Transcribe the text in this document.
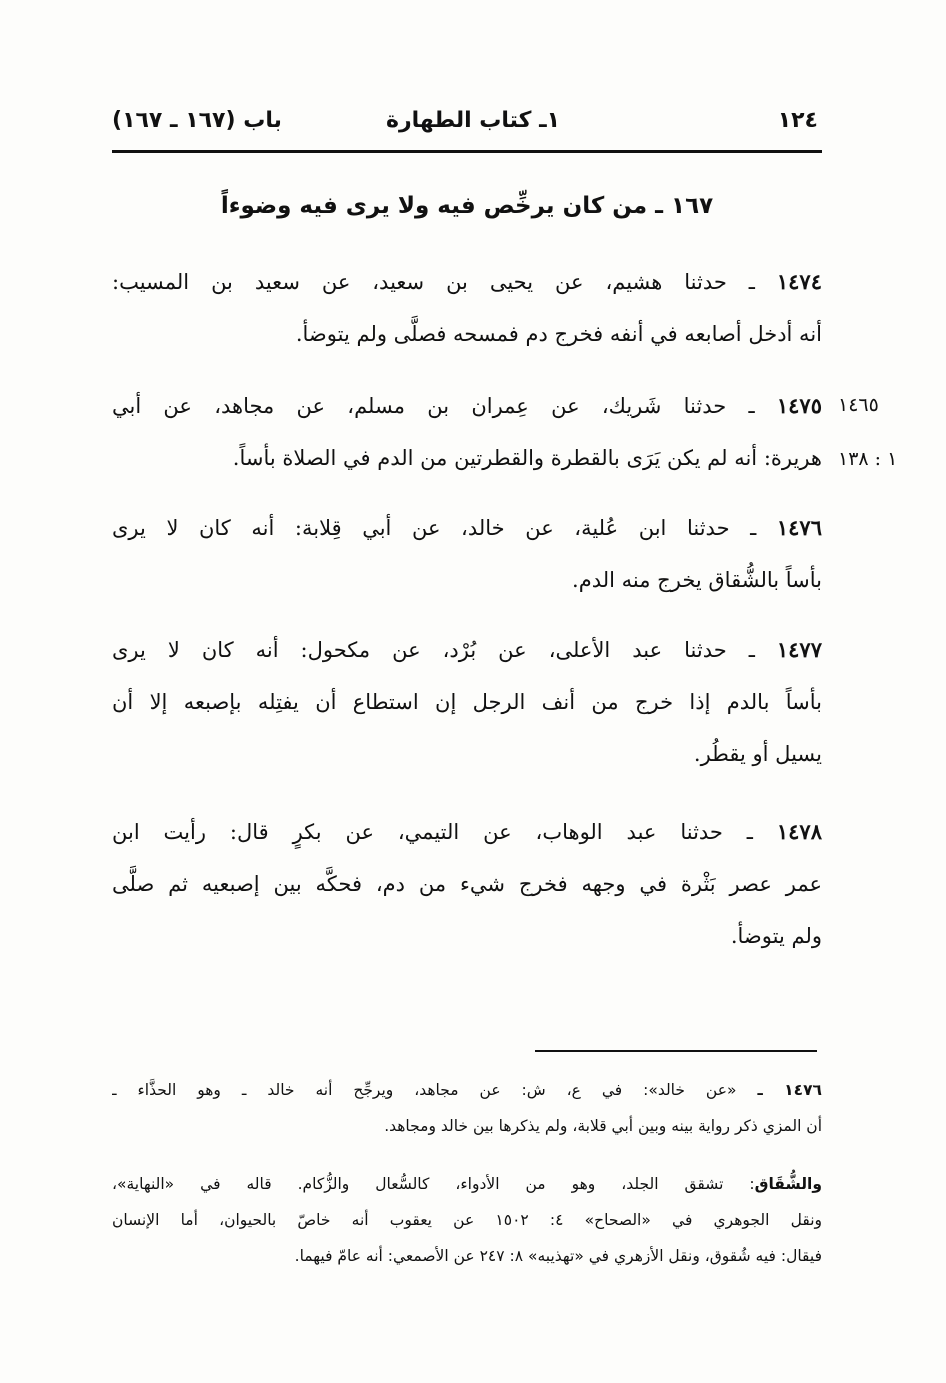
١٢٤
١ـ كتاب الطهارة
باب (١٦٧ ـ ١٦٧)
١٦٧ ـ من كان يرخِّص فيه ولا يرى فيه وضوءاً
١٤٧٤ ـ حدثنا هشيم، عن يحيى بن سعيد، عن سعيد بن المسيب:
أنه أدخل أصابعه في أنفه فخرج دم فمسحه فصلَّى ولم يتوضأ.
١٤٧٥ ـ حدثنا شَريك، عن عِمران بن مسلم، عن مجاهد، عن أبي
هريرة: أنه لم يكن يَرَى بالقطرة والقطرتين من الدم في الصلاة بأساً.
١٤٦٥
١ : ١٣٨
١٤٧٦ ـ حدثنا ابن عُلية، عن خالد، عن أبي قِلابة: أنه كان لا يرى
بأساً بالشُّقاق يخرج منه الدم.
١٤٧٧ ـ حدثنا عبد الأعلى، عن بُرْد، عن مكحول: أنه كان لا يرى
بأساً بالدم إذا خرج من أنف الرجل إن استطاع أن يفتِله بإصبعه إلا أن
يسيل أو يقطُر.
١٤٧٨ ـ حدثنا عبد الوهاب، عن التيمي، عن بكرٍ قال: رأيت ابن
عمر عصر بَثْرة في وجهه فخرج شيء من دم، فحكَّه بين إصبعيه ثم صلَّى
ولم يتوضأ.
١٤٧٦ ـ «عن خالد»: في ع، ش: عن مجاهد، ويرجِّح أنه خالد ـ وهو الحذَّاء ـ
أن المزي ذكر رواية بينه وبين أبي قلابة، ولم يذكرها بين خالد ومجاهد.
والشُّقَاق: تشقق الجلد، وهو من الأدواء، كالسُّعال والزُّكام. قاله في «النهاية»،
ونقل الجوهري في «الصحاح» ٤: ١٥٠٢ عن يعقوب أنه خاصّ بالحيوان، أما الإنسان
فيقال: فيه شُقوق، ونقل الأزهري في «تهذيبه» ٨: ٢٤٧ عن الأصمعي: أنه عامّ فيهما.
